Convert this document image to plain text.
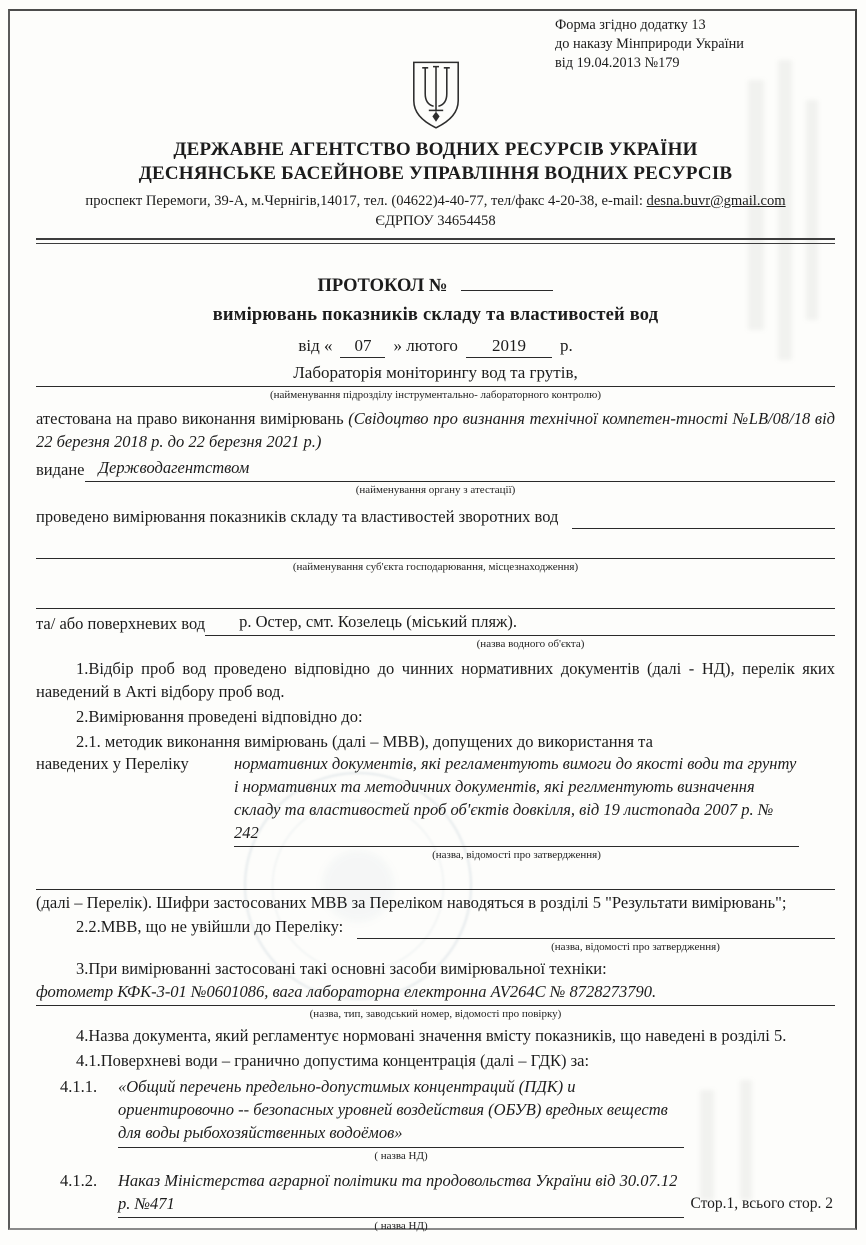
Форма згідно додатку 13
до наказу Мінприроди України
від 19.04.2013 №179
ДЕРЖАВНЕ АГЕНТСТВО ВОДНИХ РЕСУРСІВ УКРАЇНИ
ДЕСНЯНСЬКЕ БАСЕЙНОВЕ УПРАВЛІННЯ ВОДНИХ РЕСУРСІВ
проспект Перемоги, 39-А, м.Чернігів,14017, тел. (04622)4-40-77, тел/факс 4-20-38, e-mail: desna.buvr@gmail.com
ЄДРПОУ 34654458
ПРОТОКОЛ №
вимірювань показників складу та властивостей вод
від « 07 » лютого 2019 р.
Лабораторія моніторингу вод та грутів,
(найменування підрозділу інструментально- лабораторного контролю)
атестована на право виконання вимірювань (Свідоцтво про визнання технічної компетен-тності №LB/08/18 від 22 березня 2018 р. до 22 березня 2021 р.)
видане Держводагентством
(найменування органу з атестації)
проведено вимірювання показників складу та властивостей зворотних вод
(найменування суб'єкта господарювання, місцезнаходження)
та/ або поверхневих вод	р. Остер, смт. Козелець (міський пляж).
(назва водного об'єкта)
1.Відбір проб вод проведено відповідно до чинних нормативних документів (далі - НД), перелік яких наведений в Акті відбору проб вод.
2.Вимірювання проведені відповідно до:
2.1. методик виконання вимірювань (далі – МВВ), допущених до використання та
наведених у Переліку	нормативних документів, які регламентують вимоги до якості води та грунту і нормативних та методичних документів, які реглментують визначення складу та властивостей проб об'єктів довкілля, від 19 листопада 2007 р. № 242
(назва, відомості про затвердження)
(далі – Перелік). Шифри застосованих МВВ за Переліком наводяться в розділі 5 "Результати вимірювань";
2.2.МВВ, що не увійшли до Переліку:
(назва, відомості про затвердження)
3.При вимірюванні застосовані такі основні засоби вимірювальної техніки:
фотометр КФК-3-01 №0601086, вага лабораторна електронна AV264C № 8728273790.
(назва, тип, заводський номер, відомості про повірку)
4.Назва документа, який регламентує нормовані значення вмісту показників, що наведені в розділі 5.
4.1.Поверхневі води – гранично допустима концентрація (далі – ГДК) за:
4.1.1.	«Общий перечень предельно-допустимых концентраций (ПДК) и ориентировочно -- безопасных уровней воздействия (ОБУВ) вредных веществ для воды рыбохозяйственных водоёмов»
( назва НД)
4.1.2.	Наказ Міністерства аграрної політики та продовольства України від 30.07.12 р. №471
( назва НД)
Стор.1, всього стор. 2
